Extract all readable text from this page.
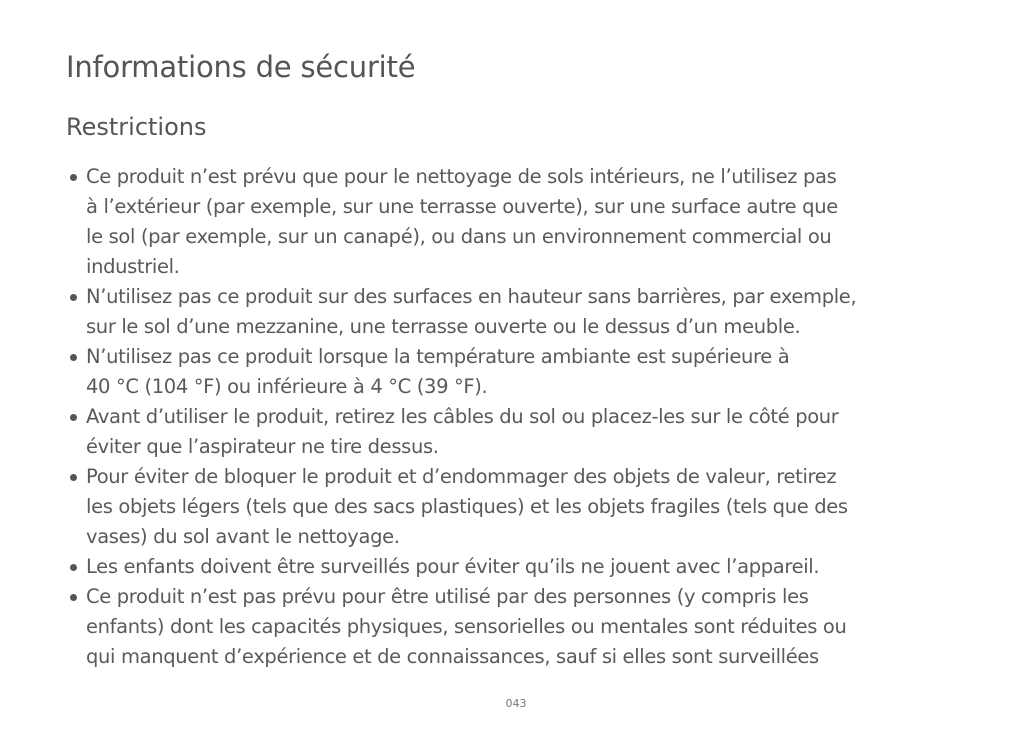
Informations de sécurité
Restrictions
Ce produit n’est prévu que pour le nettoyage de sols intérieurs, ne l’utilisez pas
à l’extérieur (par exemple, sur une terrasse ouverte), sur une surface autre que
le sol (par exemple, sur un canapé), ou dans un environnement commercial ou
industriel.
N’utilisez pas ce produit sur des surfaces en hauteur sans barrières, par exemple,
sur le sol d’une mezzanine, une terrasse ouverte ou le dessus d’un meuble.
N’utilisez pas ce produit lorsque la température ambiante est supérieure à
40 °C (104 °F) ou inférieure à 4 °C (39 °F).
Avant d’utiliser le produit, retirez les câbles du sol ou placez-les sur le côté pour
éviter que l’aspirateur ne tire dessus.
Pour éviter de bloquer le produit et d’endommager des objets de valeur, retirez
les objets légers (tels que des sacs plastiques) et les objets fragiles (tels que des
vases) du sol avant le nettoyage.
Les enfants doivent être surveillés pour éviter qu’ils ne jouent avec l’appareil.
Ce produit n’est pas prévu pour être utilisé par des personnes (y compris les
enfants) dont les capacités physiques, sensorielles ou mentales sont réduites ou
qui manquent d’expérience et de connaissances, sauf si elles sont surveillées
043
